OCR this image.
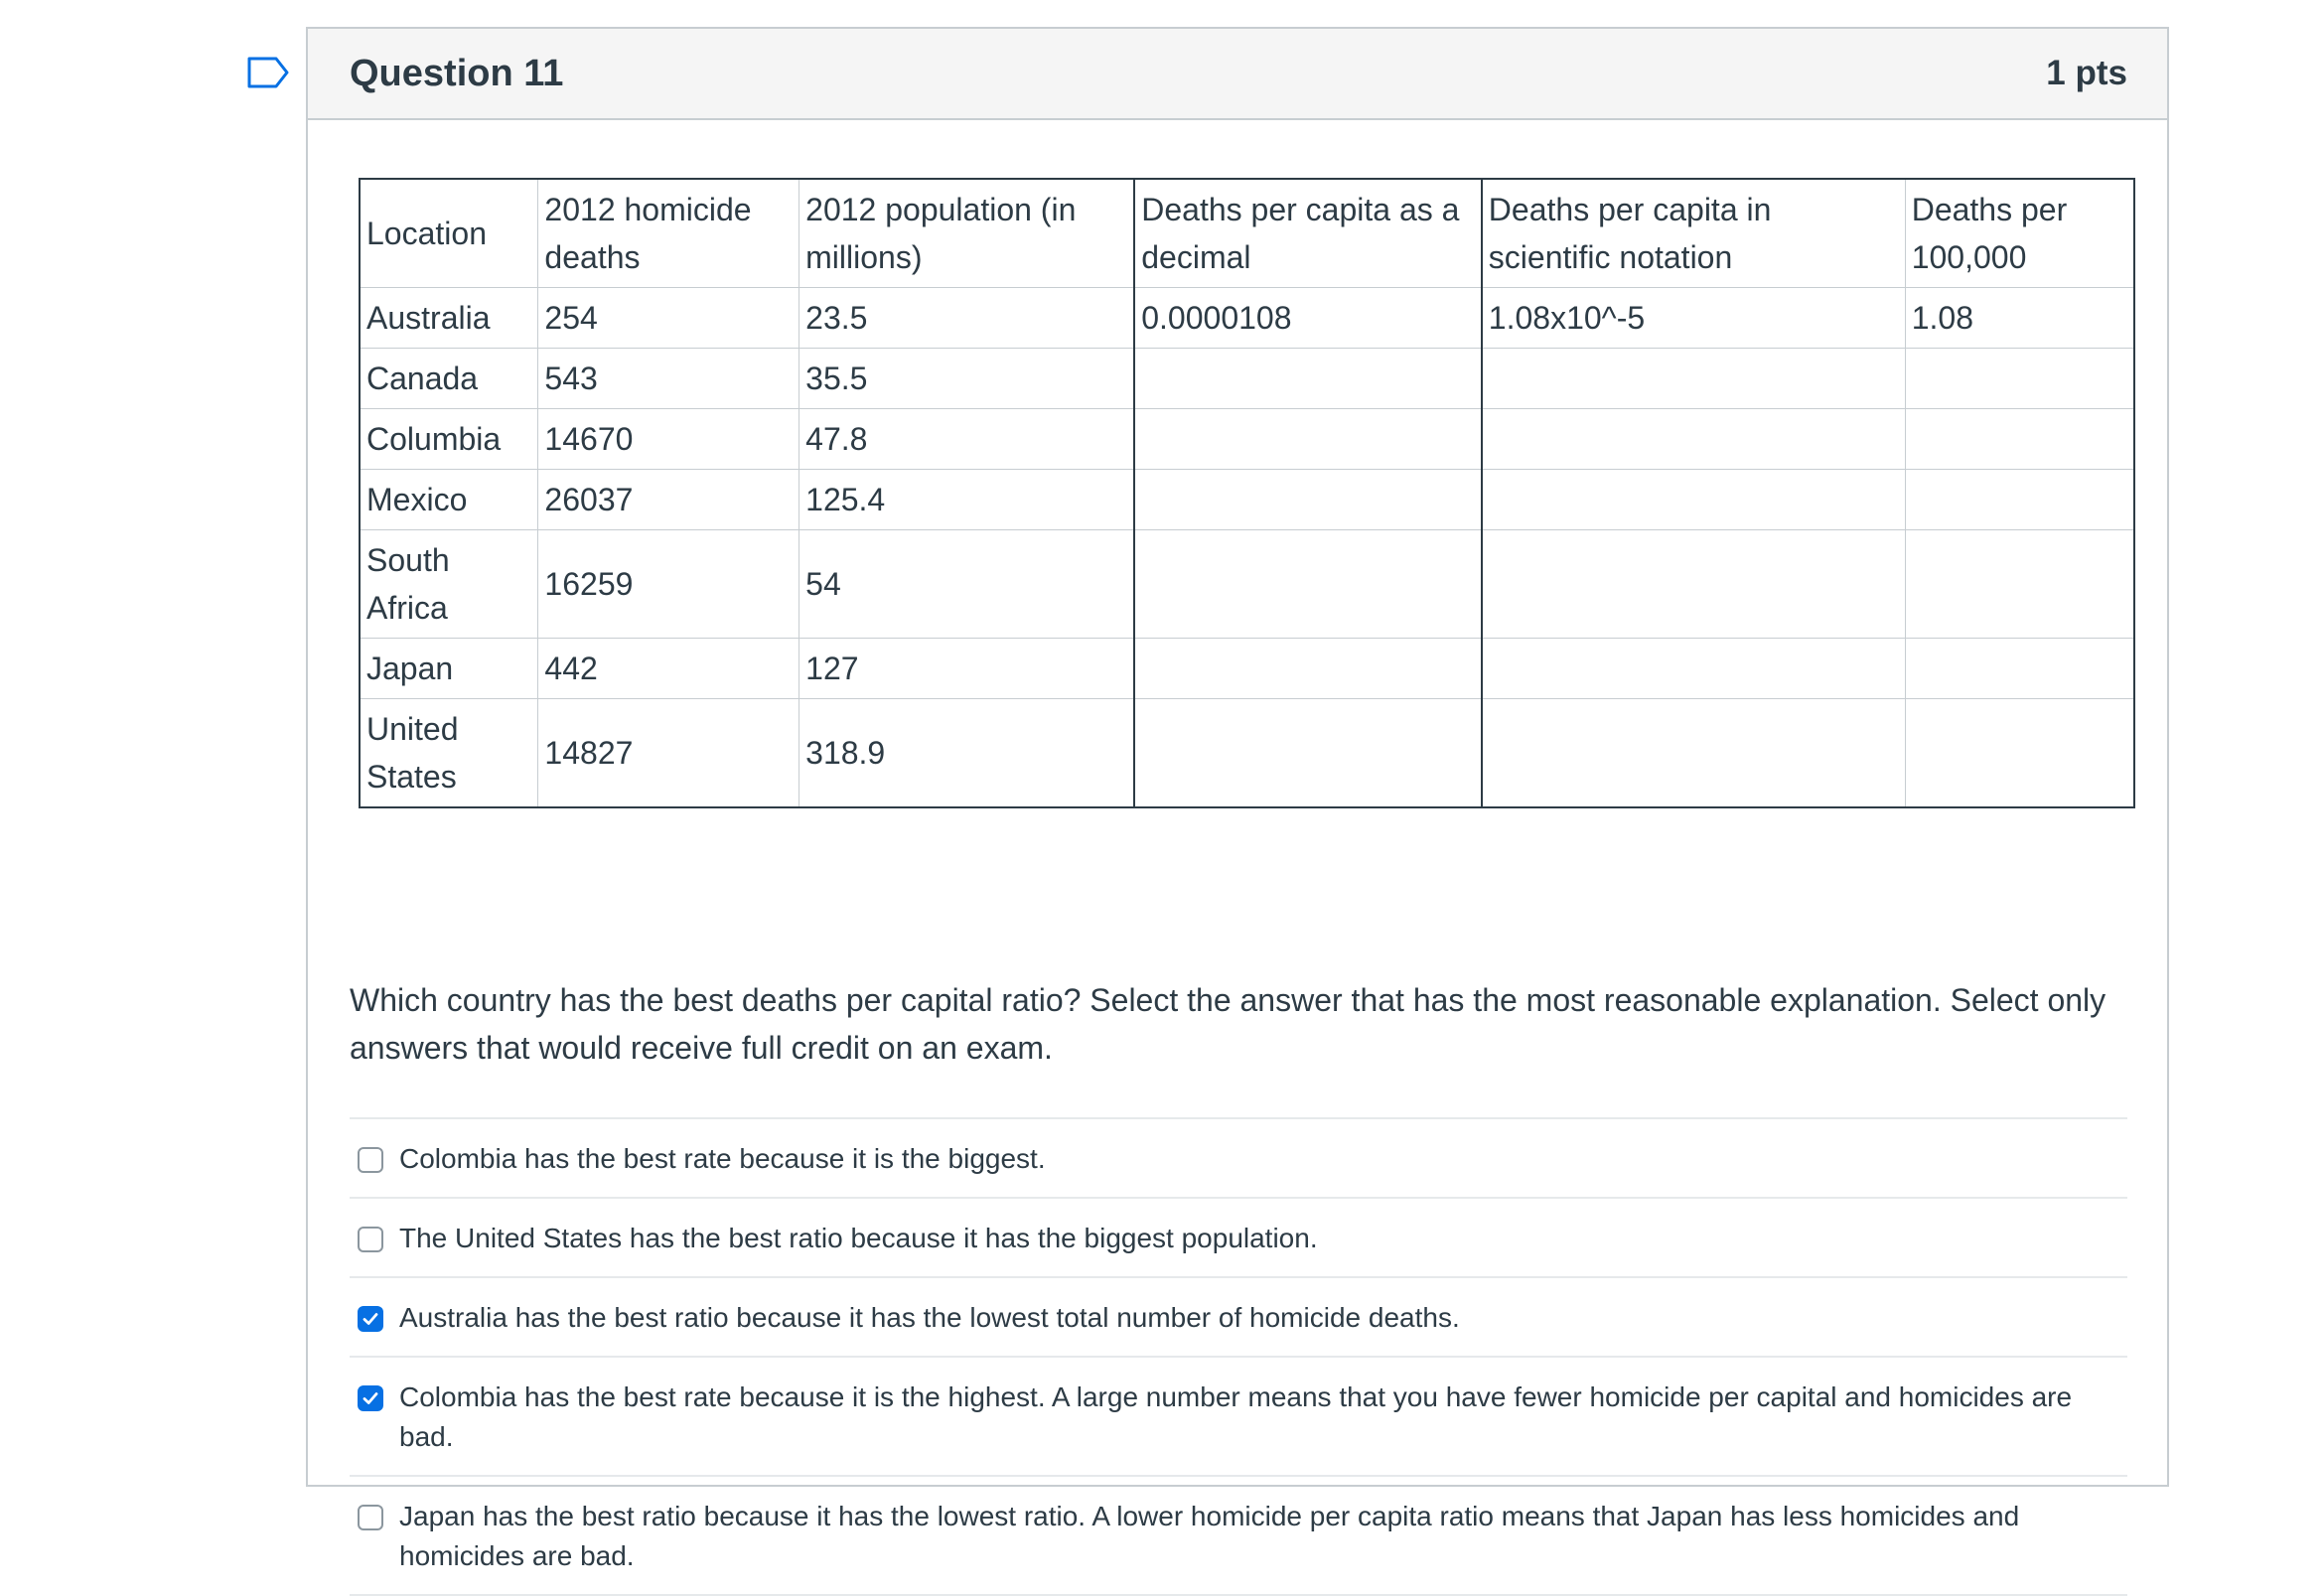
Question 11	1 pts
Location	2012 homicide deaths	2012 population (in millions)	Deaths per capita as a decimal	Deaths per capita in scientific notation	Deaths per 100,000
Australia	254	23.5	0.0000108	1.08x10^-5	1.08
Canada	543	35.5			
Columbia	14670	47.8			
Mexico	26037	125.4			
South Africa	16259	54			
Japan	442	127			
United States	14827	318.9			
Which country has the best deaths per capital ratio? Select the answer that has the most reasonable explanation. Select only answers that would receive full credit on an exam.
Colombia has the best rate because it is the biggest.
The United States has the best ratio because it has the biggest population.
Australia has the best ratio because it has the lowest total number of homicide deaths.
Colombia has the best rate because it is the highest. A large number means that you have fewer homicide per capital and homicides are bad.
Japan has the best ratio because it has the lowest ratio. A lower homicide per capita ratio means that Japan has less homicides and homicides are bad.
